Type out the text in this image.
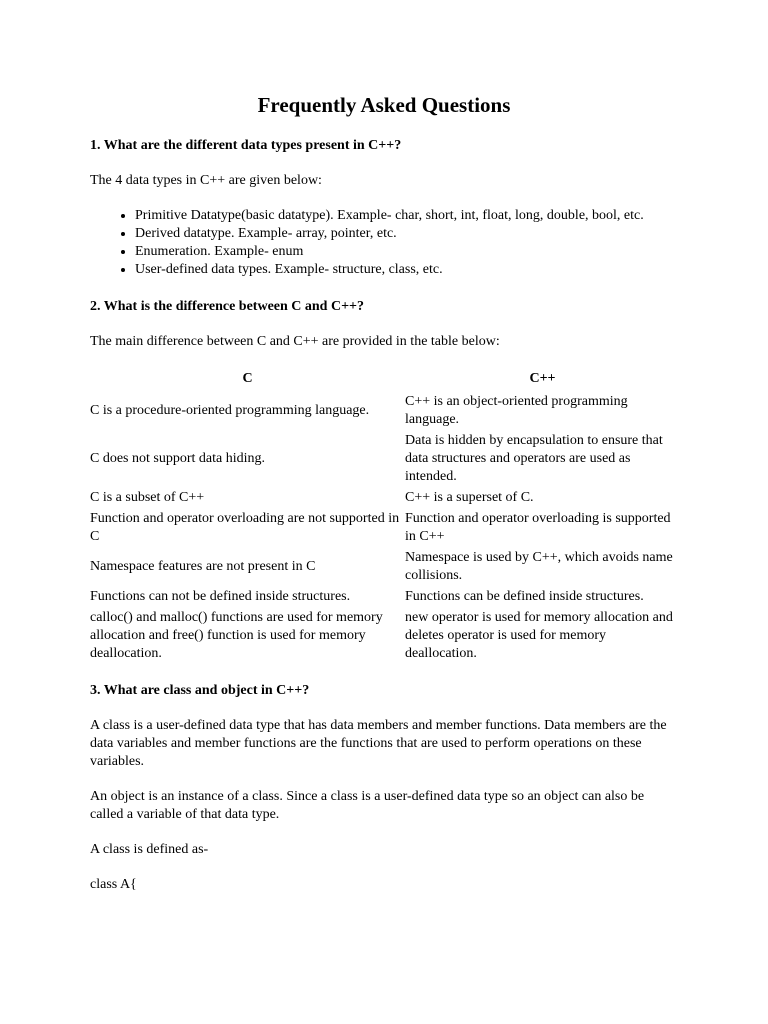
Frequently Asked Questions
1. What are the different data types present in C++?

The 4 data types in C++ are given below:

• Primitive Datatype(basic datatype). Example- char, short, int, float, long, double, bool, etc.
• Derived datatype. Example- array, pointer, etc.
• Enumeration. Example- enum
• User-defined data types. Example- structure, class, etc.
2. What is the difference between C and C++?

The main difference between C and C++ are provided in the table below:

C	C++
C is a procedure-oriented programming language.	C++ is an object-oriented programming language.
C does not support data hiding.	Data is hidden by encapsulation to ensure that data structures and operators are used as intended.
C is a subset of C++	C++ is a superset of C.
Function and operator overloading are not supported in C	Function and operator overloading is supported in C++
Namespace features are not present in C	Namespace is used by C++, which avoids name collisions.
Functions can not be defined inside structures.	Functions can be defined inside structures.
calloc() and malloc() functions are used for memory allocation and free() function is used for memory deallocation.	new operator is used for memory allocation and deletes operator is used for memory deallocation.
3. What are class and object in C++?

A class is a user-defined data type that has data members and member functions. Data members are the data variables and member functions are the functions that are used to perform operations on these variables.

An object is an instance of a class. Since a class is a user-defined data type so an object can also be called a variable of that data type.

A class is defined as-

class A{
